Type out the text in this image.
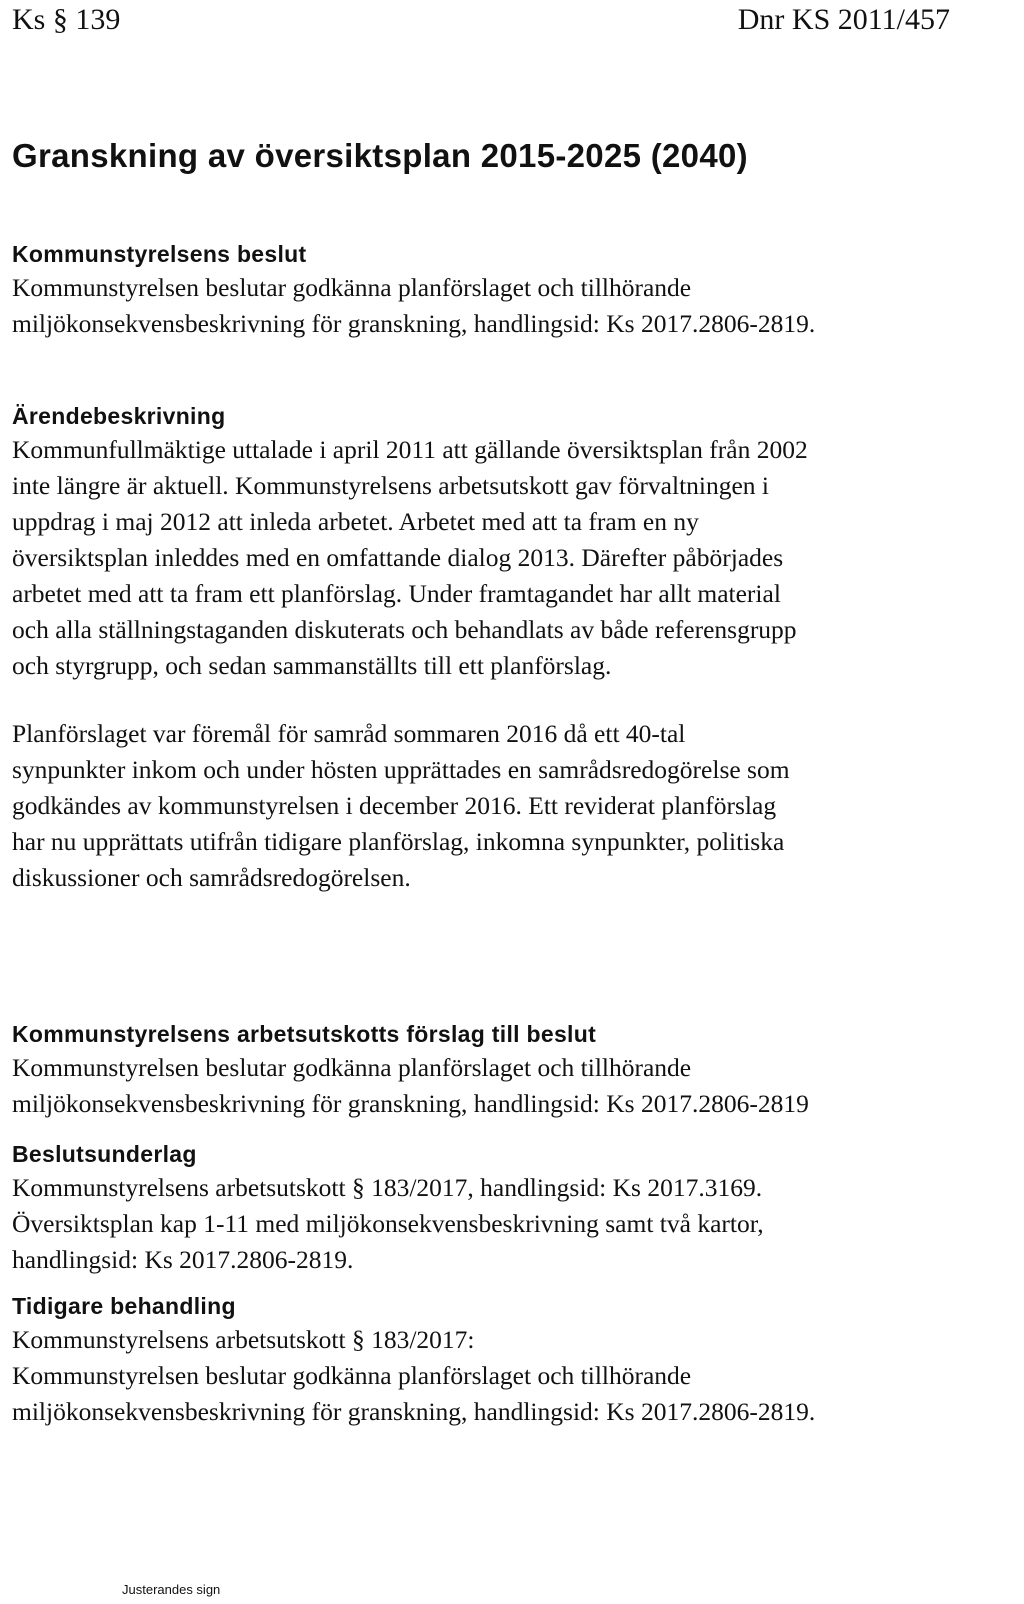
Ks § 139	Dnr KS 2011/457
Granskning av översiktsplan 2015-2025 (2040)
Kommunstyrelsens beslut

Kommunstyrelsen beslutar godkänna planförslaget och tillhörande
miljökonsekvensbeskrivning för granskning, handlingsid: Ks 2017.2806-2819.

Ärendebeskrivning

Kommunfullmäktige uttalade i april 2011 att gällande översiktsplan från 2002
inte längre är aktuell. Kommunstyrelsens arbetsutskott gav förvaltningen i
uppdrag i maj 2012 att inleda arbetet. Arbetet med att ta fram en ny
översiktsplan inleddes med en omfattande dialog 2013. Därefter påbörjades
arbetet med att ta fram ett planförslag. Under framtagandet har allt material
och alla ställningstaganden diskuterats och behandlats av både referensgrupp
och styrgrupp, och sedan sammanställts till ett planförslag.

Planförslaget var föremål för samråd sommaren 2016 då ett 40-tal
synpunkter inkom och under hösten upprättades en samrådsredogörelse som
godkändes av kommunstyrelsen i december 2016. Ett reviderat planförslag
har nu upprättats utifrån tidigare planförslag, inkomna synpunkter, politiska
diskussioner och samrådsredogörelsen.

Kommunstyrelsens arbetsutskotts förslag till beslut

Kommunstyrelsen beslutar godkänna planförslaget och tillhörande
miljökonsekvensbeskrivning för granskning, handlingsid: Ks 2017.2806-2819

Beslutsunderlag

Kommunstyrelsens arbetsutskott § 183/2017, handlingsid: Ks 2017.3169.
Översiktsplan kap 1-11 med miljökonsekvensbeskrivning samt två kartor,
handlingsid: Ks 2017.2806-2819.

Tidigare behandling

Kommunstyrelsens arbetsutskott § 183/2017:
Kommunstyrelsen beslutar godkänna planförslaget och tillhörande
miljökonsekvensbeskrivning för granskning, handlingsid: Ks 2017.2806-2819.

Justerandes sign
